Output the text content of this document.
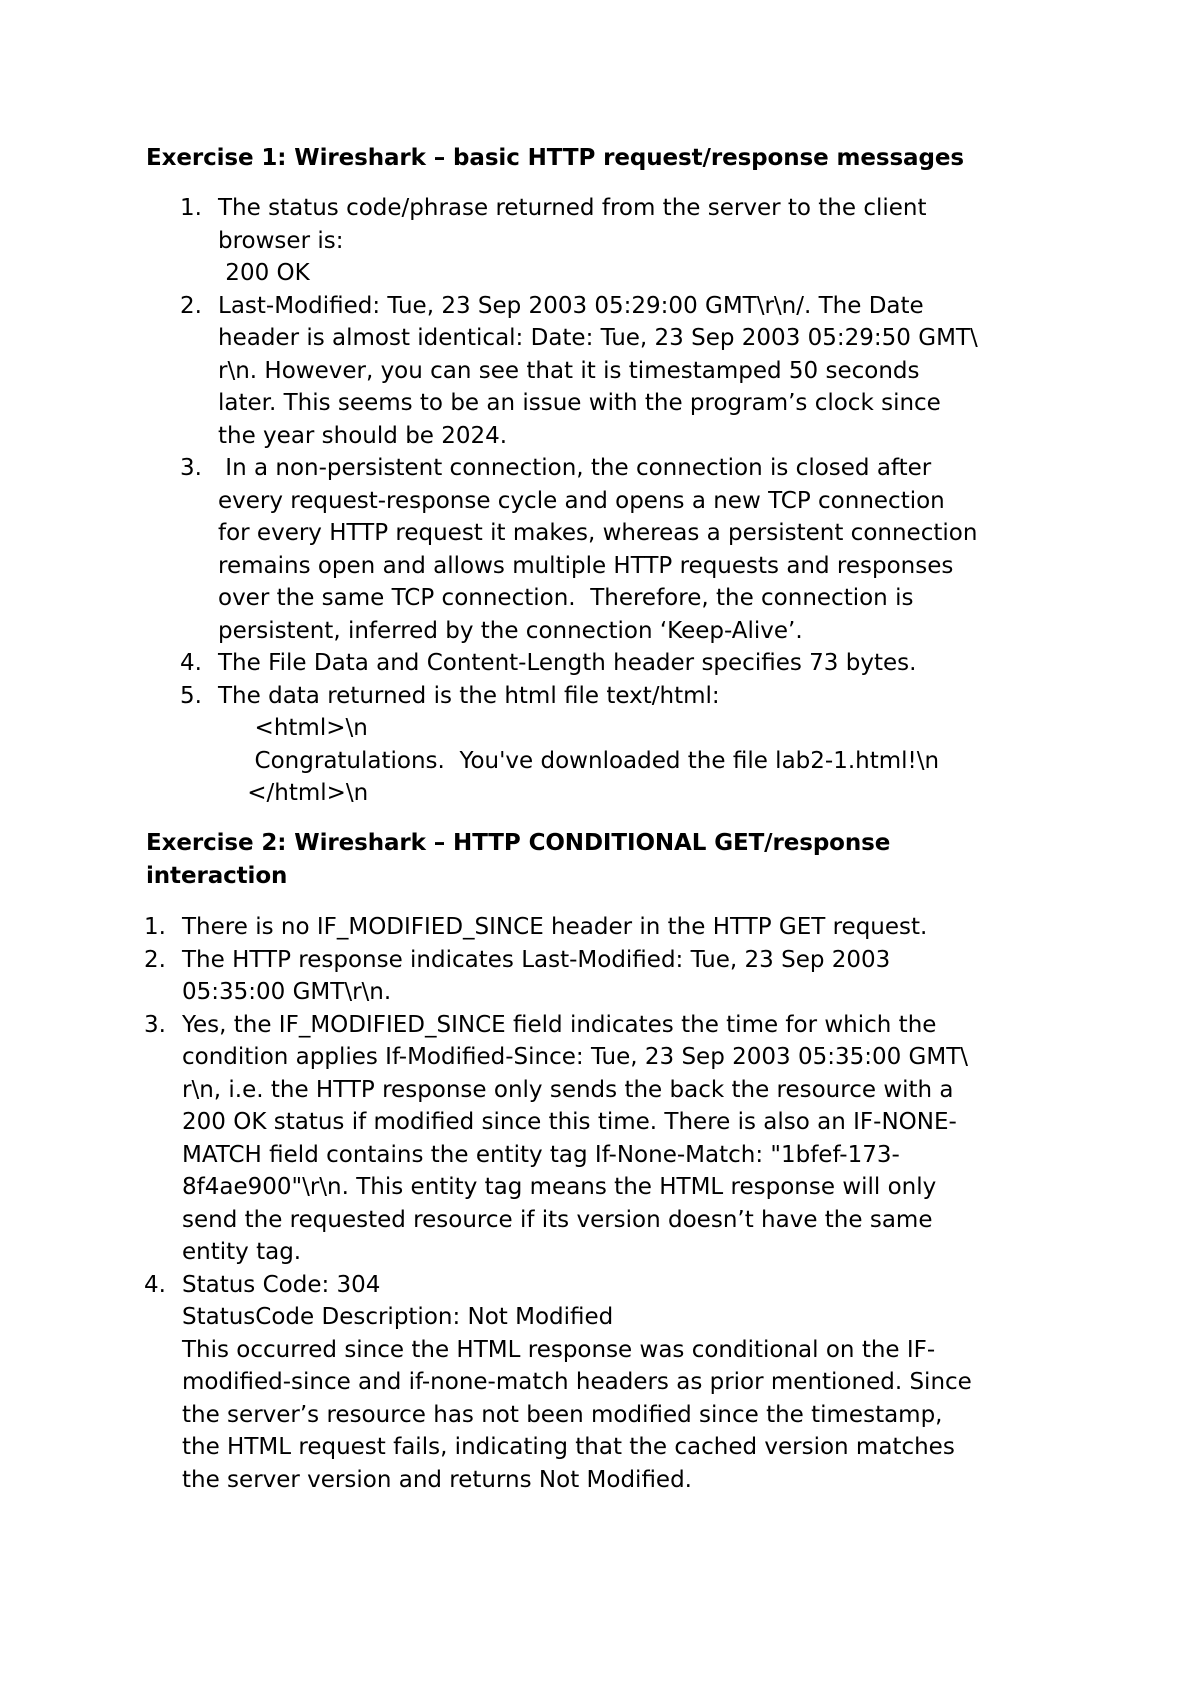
Exercise 1: Wireshark – basic HTTP request/response messages
1. The status code/phrase returned from the server to the client
browser is:
200 OK
2. Last-Modified: Tue, 23 Sep 2003 05:29:00 GMT\r\n/. The Date
header is almost identical: Date: Tue, 23 Sep 2003 05:29:50 GMT\
r\n. However, you can see that it is timestamped 50 seconds
later. This seems to be an issue with the program’s clock since
the year should be 2024.
3. In a non-persistent connection, the connection is closed after
every request-response cycle and opens a new TCP connection
for every HTTP request it makes, whereas a persistent connection
remains open and allows multiple HTTP requests and responses
over the same TCP connection.  Therefore, the connection is
persistent, inferred by the connection ‘Keep-Alive’.
4. The File Data and Content-Length header specifies 73 bytes.
5. The data returned is the html file text/html:
<html>\n
Congratulations.  You've downloaded the file lab2-1.html!\n
</html>\n
Exercise 2: Wireshark – HTTP CONDITIONAL GET/response interaction
1. There is no IF_MODIFIED_SINCE header in the HTTP GET request.
2. The HTTP response indicates Last-Modified: Tue, 23 Sep 2003
05:35:00 GMT\r\n.
3. Yes, the IF_MODIFIED_SINCE field indicates the time for which the
condition applies If-Modified-Since: Tue, 23 Sep 2003 05:35:00 GMT\
r\n, i.e. the HTTP response only sends the back the resource with a
200 OK status if modified since this time. There is also an IF-NONE-
MATCH field contains the entity tag If-None-Match: "1bfef-173-
8f4ae900"\r\n. This entity tag means the HTML response will only
send the requested resource if its version doesn’t have the same
entity tag.
4. Status Code: 304
StatusCode Description: Not Modified
This occurred since the HTML response was conditional on the IF-
modified-since and if-none-match headers as prior mentioned. Since
the server’s resource has not been modified since the timestamp,
the HTML request fails, indicating that the cached version matches
the server version and returns Not Modified.
